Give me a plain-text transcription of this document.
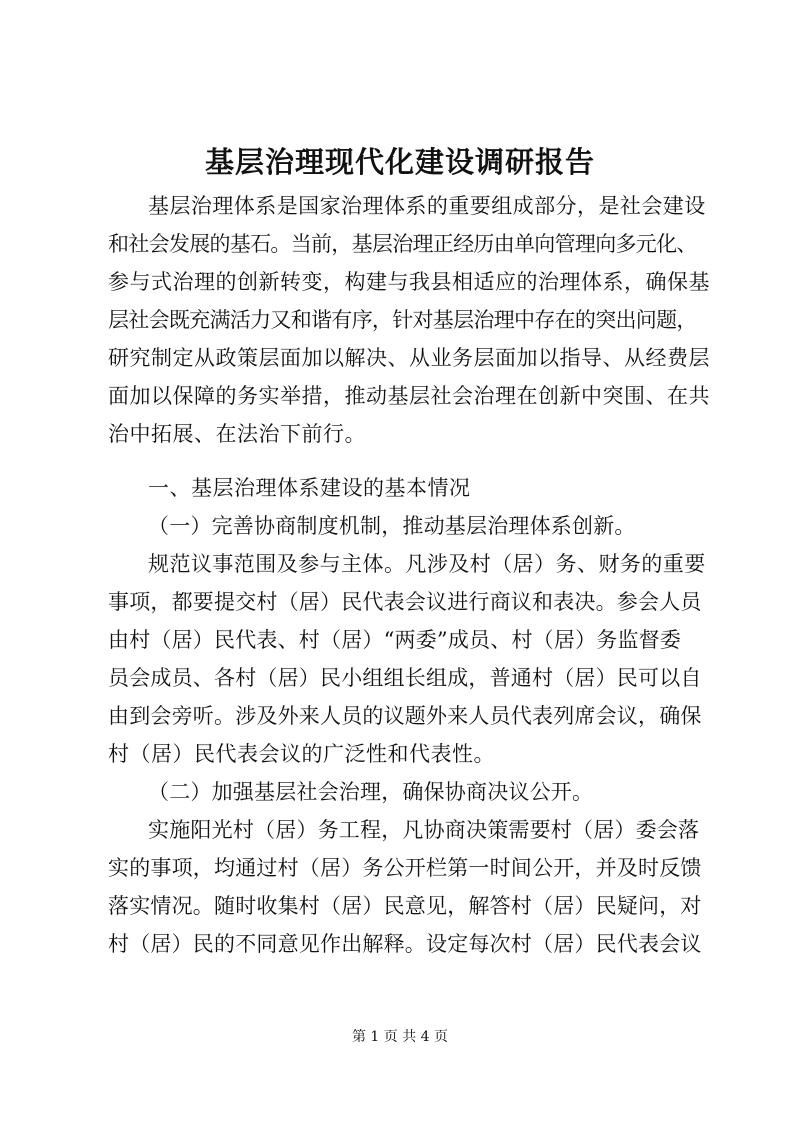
基层治理现代化建设调研报告
基层治理体系是国家治理体系的重要组成部分，是社会建设
和社会发展的基石。当前，基层治理正经历由单向管理向多元化、
参与式治理的创新转变，构建与我县相适应的治理体系，确保基
层社会既充满活力又和谐有序，针对基层治理中存在的突出问题，
研究制定从政策层面加以解决、从业务层面加以指导、从经费层
面加以保障的务实举措，推动基层社会治理在创新中突围、在共
治中拓展、在法治下前行。
一、基层治理体系建设的基本情况
（一）完善协商制度机制，推动基层治理体系创新。
规范议事范围及参与主体。凡涉及村（居）务、财务的重要
事项，都要提交村（居）民代表会议进行商议和表决。参会人员
由村（居）民代表、村（居）“两委”成员、村（居）务监督委
员会成员、各村（居）民小组组长组成，普通村（居）民可以自
由到会旁听。涉及外来人员的议题外来人员代表列席会议，确保
村（居）民代表会议的广泛性和代表性。
（二）加强基层社会治理，确保协商决议公开。
实施阳光村（居）务工程，凡协商决策需要村（居）委会落
实的事项，均通过村（居）务公开栏第一时间公开，并及时反馈
落实情况。随时收集村（居）民意见，解答村（居）民疑问，对
村（居）民的不同意见作出解释。设定每次村（居）民代表会议
第 1 页 共 4 页
